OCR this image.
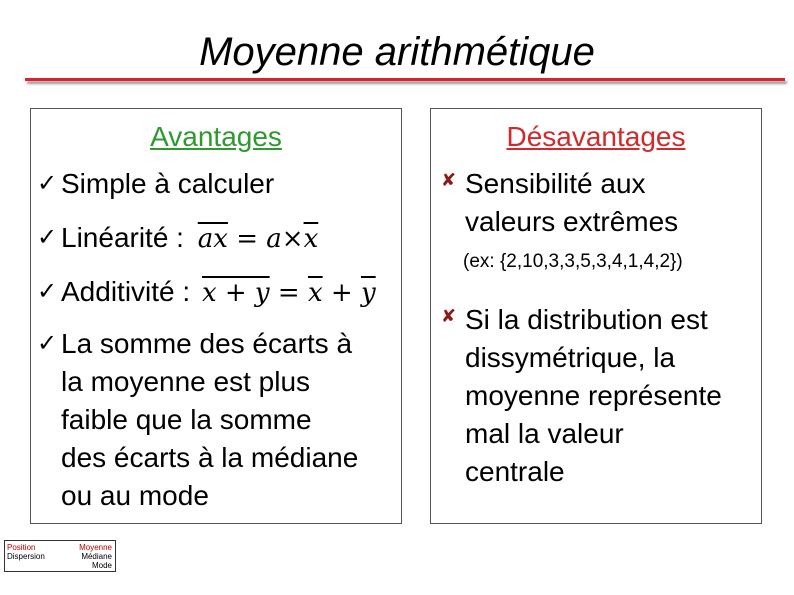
Moyenne arithmétique
Avantages
✓ Simple à calculer
✓ Linéarité : $\overline{ax} = a\times\overline{x}$
✓ Additivité : $x + y = \overline{x} + \overline{y}$
✓ La somme des écarts à
la moyenne est plus
faible que la somme
des écarts à la médiane
ou au mode
Désavantages
✘ Sensibilité aux
valeurs extrêmes
(ex: {2,10,3,3,5,3,4,1,4,2})
✘ Si la distribution est
dissymétrique, la
moyenne représente
mal la valeur
centrale
Position
Dispersion
Moyenne
Médiane
Mode
